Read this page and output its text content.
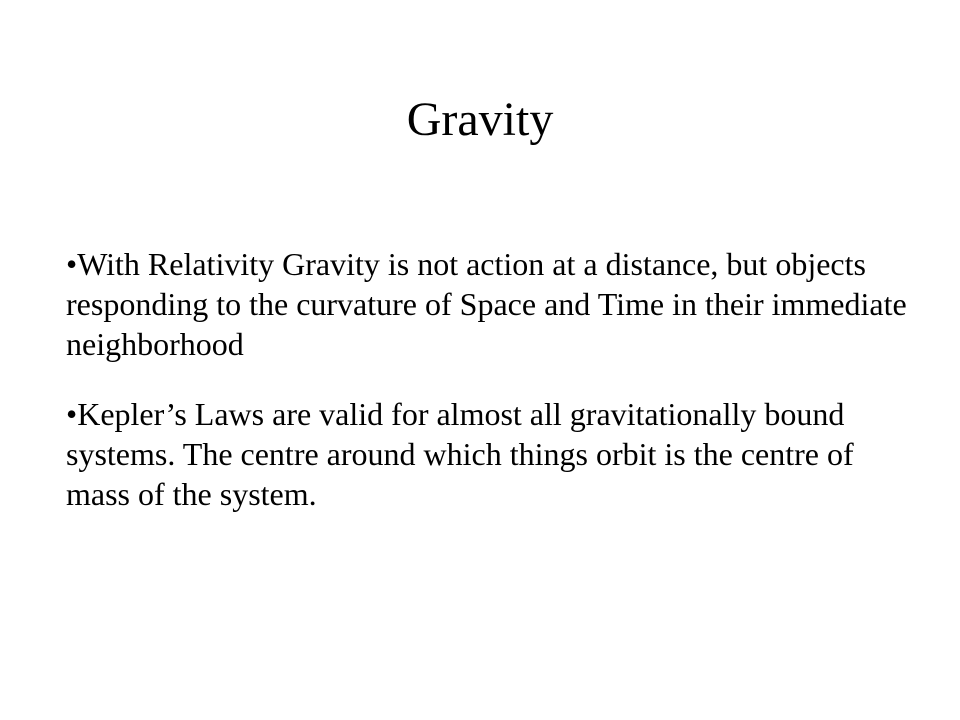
Gravity
•With Relativity Gravity is not action at a distance, but objects responding to the curvature of Space and Time in their immediate neighborhood
•Kepler’s Laws are valid for almost all gravitationally bound systems. The centre around which things orbit is the centre of mass of the system.
